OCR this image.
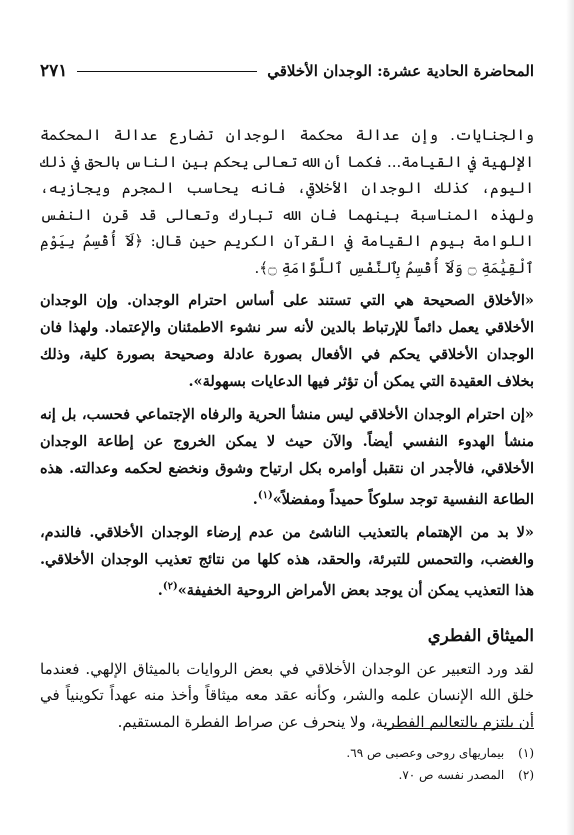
المحاضرة الحادية عشرة: الوجدان الأخلاقي
٢٧١

والجنايات. وإن عدالة محكمة الوجدان تضارع عدالة المحكمة الإلهية في القيامة... فكما أن الله تعالى يحكم بين الناس بالحق في ذلك اليوم، كذلك الوجدان الأخلاقي، فانه يحاسب المجرم ويجازيه، ولهذه المناسبة بينهما فان الله تبارك وتعالى قد قرن النفس اللوامة بيوم القيامة في القرآن الكريم حين قال: ﴿لَآ أُقْسِمُ بِيَوْمِ ٱلْقِيَٰمَةِ ۝ وَلَآ أُقْسِمُ بِٱلنَّفْسِ ٱللَّوَّامَةِ ۝﴾.

«الأخلاق الصحيحة هي التي تستند على أساس احترام الوجدان. وإن الوجدان الأخلاقي يعمل دائماً للإرتباط بالدين لأنه سر نشوء الاطمئنان والإعتماد. ولهذا فان الوجدان الأخلاقي يحكم في الأفعال بصورة عادلة وصحيحة بصورة كلية، وذلك بخلاف العقيدة التي يمكن أن تؤثر فيها الدعايات بسهولة».

«إن احترام الوجدان الأخلاقي ليس منشأ الحرية والرفاه الإجتماعي فحسب، بل إنه منشأ الهدوء النفسي أيضاً. والآن حيث لا يمكن الخروج عن إطاعة الوجدان الأخلاقي، فالأجدر ان نتقبل أوامره بكل ارتياح وشوق ونخضع لحكمه وعدالته. هذه الطاعة النفسية توجد سلوكاً حميداً ومفضلاً»$^{(١)}$.

«لا بد من الإهتمام بالتعذيب الناشئ من عدم إرضاء الوجدان الأخلاقي. فالندم، والغضب، والتحمس للتبرئة، والحقد، هذه كلها من نتائج تعذيب الوجدان الأخلاقي. هذا التعذيب يمكن أن يوجد بعض الأمراض الروحية الخفيفة»$^{(٢)}$.

الميثاق الفطري

لقد ورد التعبير عن الوجدان الأخلاقي في بعض الروايات بالميثاق الإلهي. فعندما خلق الله الإنسان علمه والشر، وكأنه عقد معه ميثاقاً وأخذ منه عهداً تكوينياً في أن يلتزم بالتعاليم الفطرية، ولا ينحرف عن صراط الفطرة المستقيم.

(١)
بيماريهاى روحى وعصبى ص ٦٩.
(٢)
المصدر نفسه ص ٧٠.
